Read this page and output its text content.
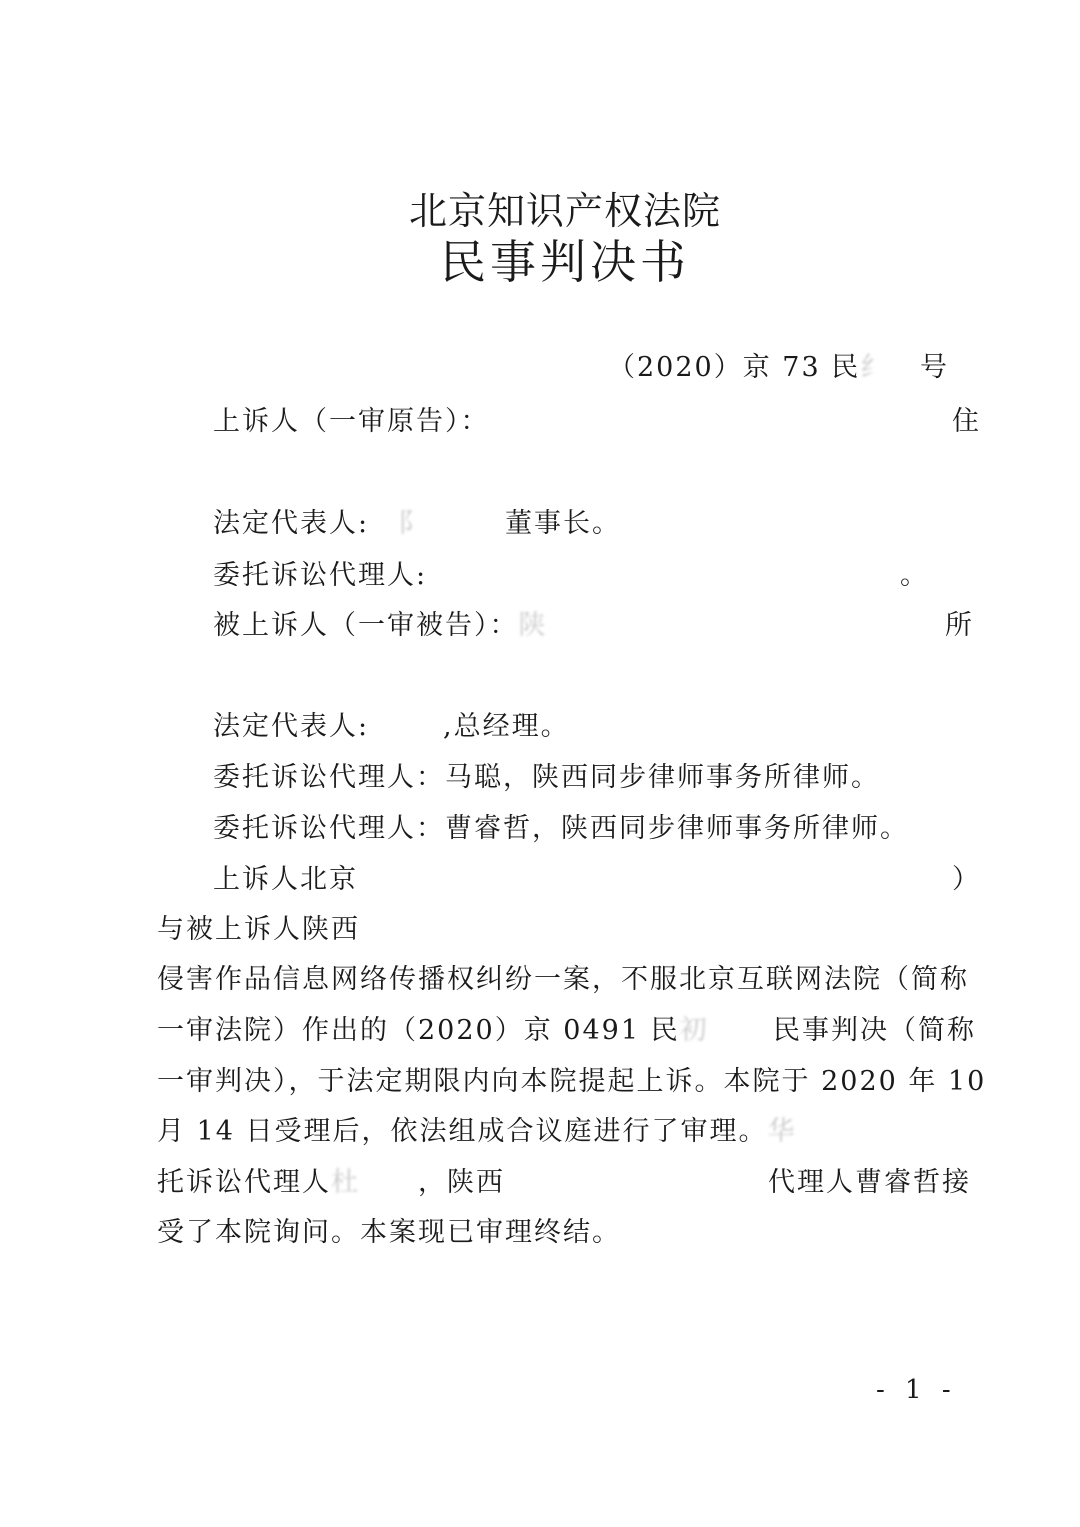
北京知识产权法院
民事判决书
（2020）京 73 民纟 号
上诉人（一审原告）：	住
法定代表人:　阝	董事长。
委托诉讼代理人:	。
被上诉人（一审被告）：陕	所
法定代表人:	,总经理。
委托诉讼代理人：马聪，陕西同步律师事务所律师。
委托诉讼代理人：曹睿哲，陕西同步律师事务所律师。
上诉人北京	）
与被上诉人陕西
侵害作品信息网络传播权纠纷一案，不服北京互联网法院（简称
一审法院）作出的（2020）京 0491 民初 民事判决（简称
一审判决），于法定期限内向本院提起上诉。本院于 2020 年 10
月 14 日受理后，依法组成合议庭进行了审理。华
托诉讼代理人杜 ，陕西	代理人曹睿哲接
受了本院询问。本案现已审理终结。
- 1 -
